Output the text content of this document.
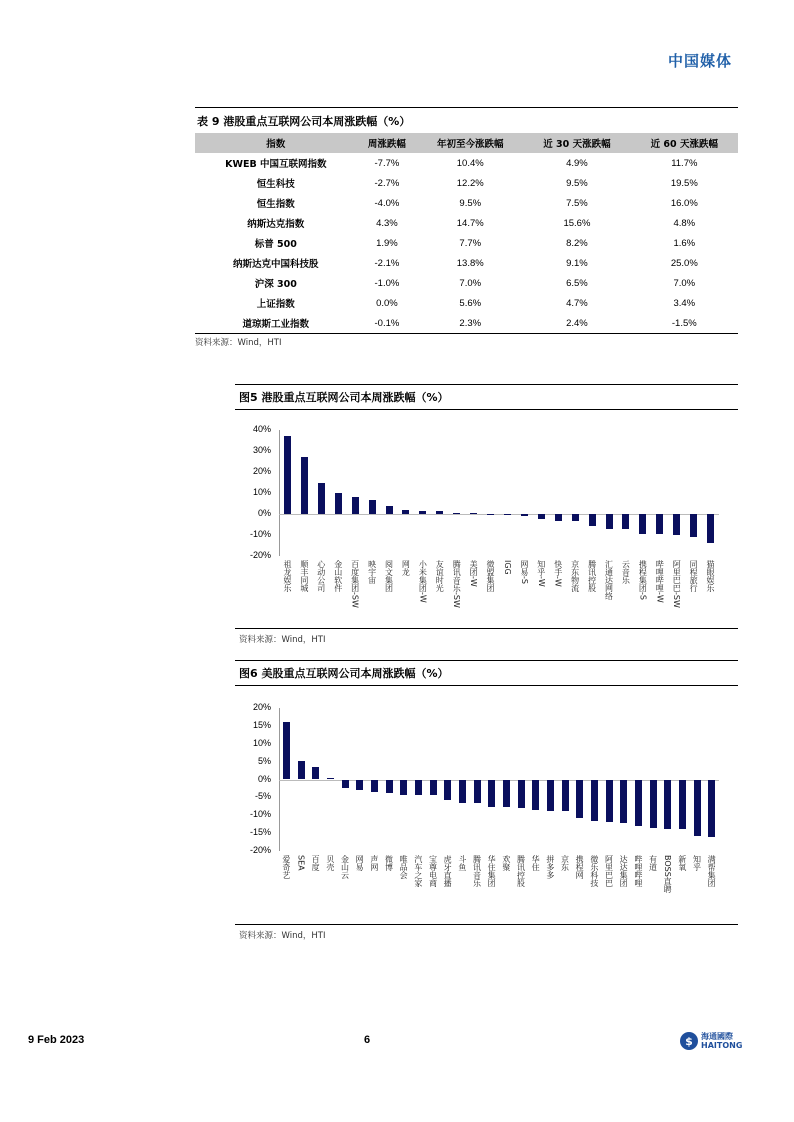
中国媒体
表 9 港股重点互联网公司本周涨跌幅（%）
指数	周涨跌幅	年初至今涨跌幅	近 30 天涨跌幅	近 60 天涨跌幅
KWEB 中国互联网指数	-7.7%	10.4%	4.9%	11.7%
恒生科技	-2.7%	12.2%	9.5%	19.5%
恒生指数	-4.0%	9.5%	7.5%	16.0%
纳斯达克指数	4.3%	14.7%	15.6%	4.8%
标普 500	1.9%	7.7%	8.2%	1.6%
纳斯达克中国科技股	-2.1%	13.8%	9.1%	25.0%
沪深 300	-1.0%	7.0%	6.5%	7.0%
上证指数	0.0%	5.6%	4.7%	3.4%
道琼斯工业指数	-0.1%	2.3%	2.4%	-1.5%
资料来源：Wind，HTI
图5 港股重点互联网公司本周涨跌幅（%）
40%
30%
20%
10%
0%
-10%
-20%
祖龙娱乐 顺丰同城 心动公司 金山软件 百度集团-SW 映宇宙 阅文集团 网龙 小米集团-W 友谊时光 腾讯音乐-SW 美团-W 微盟集团 IGG 网易-S 知乎-W 快手-W 京东物流 腾讯控股 汇通达网络 云音乐 携程集团-S 哔哩哔哩-W 阿里巴巴-SW 同程旅行 猫眼娱乐
资料来源：Wind，HTI
图6 美股重点互联网公司本周涨跌幅（%）
20%
15%
10%
5%
0%
-5%
-10%
-15%
-20%
爱奇艺 SEA 百度 贝壳 金山云 网易 声网 微博 唯品会 汽车之家 宝尊电商 虎牙直播 斗鱼 腾讯音乐 华住集团 欢聚 腾讯控股 华住 拼多多 京东 携程网 微乐科技 阿里巴巴 达达集团 哔哩哔哩 有道 BOSS直聘 新氧 知乎 满帮集团
资料来源：Wind，HTI
9 Feb 2023	6	$	海通國際
HAITONG
